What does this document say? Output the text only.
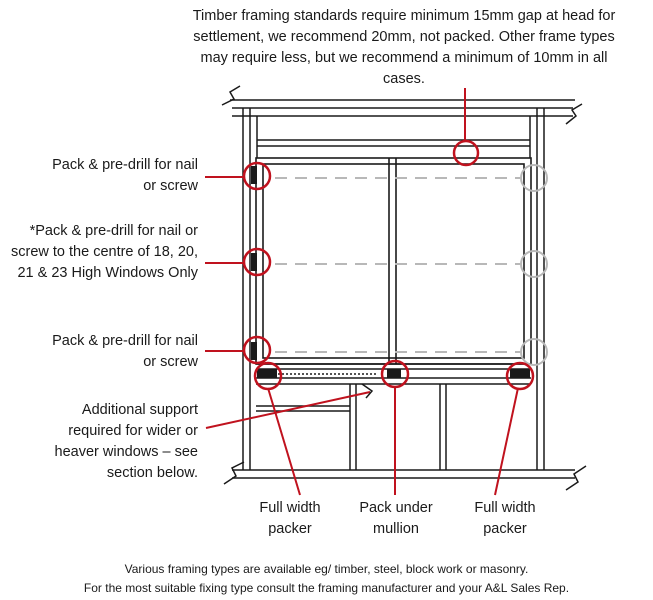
Timber framing standards require minimum 15mm gap at head for settlement, we recommend 20mm, not packed. Other frame types may require less, but we recommend a minimum of 10mm in all cases.
Pack & pre-drill for nail or screw
*Pack & pre-drill for nail or screw to the centre of 18, 20, 21 & 23 High Windows Only
Pack & pre-drill for nail or screw
Additional support required for wider or heaver windows – see section below.
Full width packer
Pack under mullion
Full width packer
Various framing types are available eg/ timber, steel, block work or masonry.
For the most suitable fixing type consult the framing manufacturer and your A&L Sales Rep.
